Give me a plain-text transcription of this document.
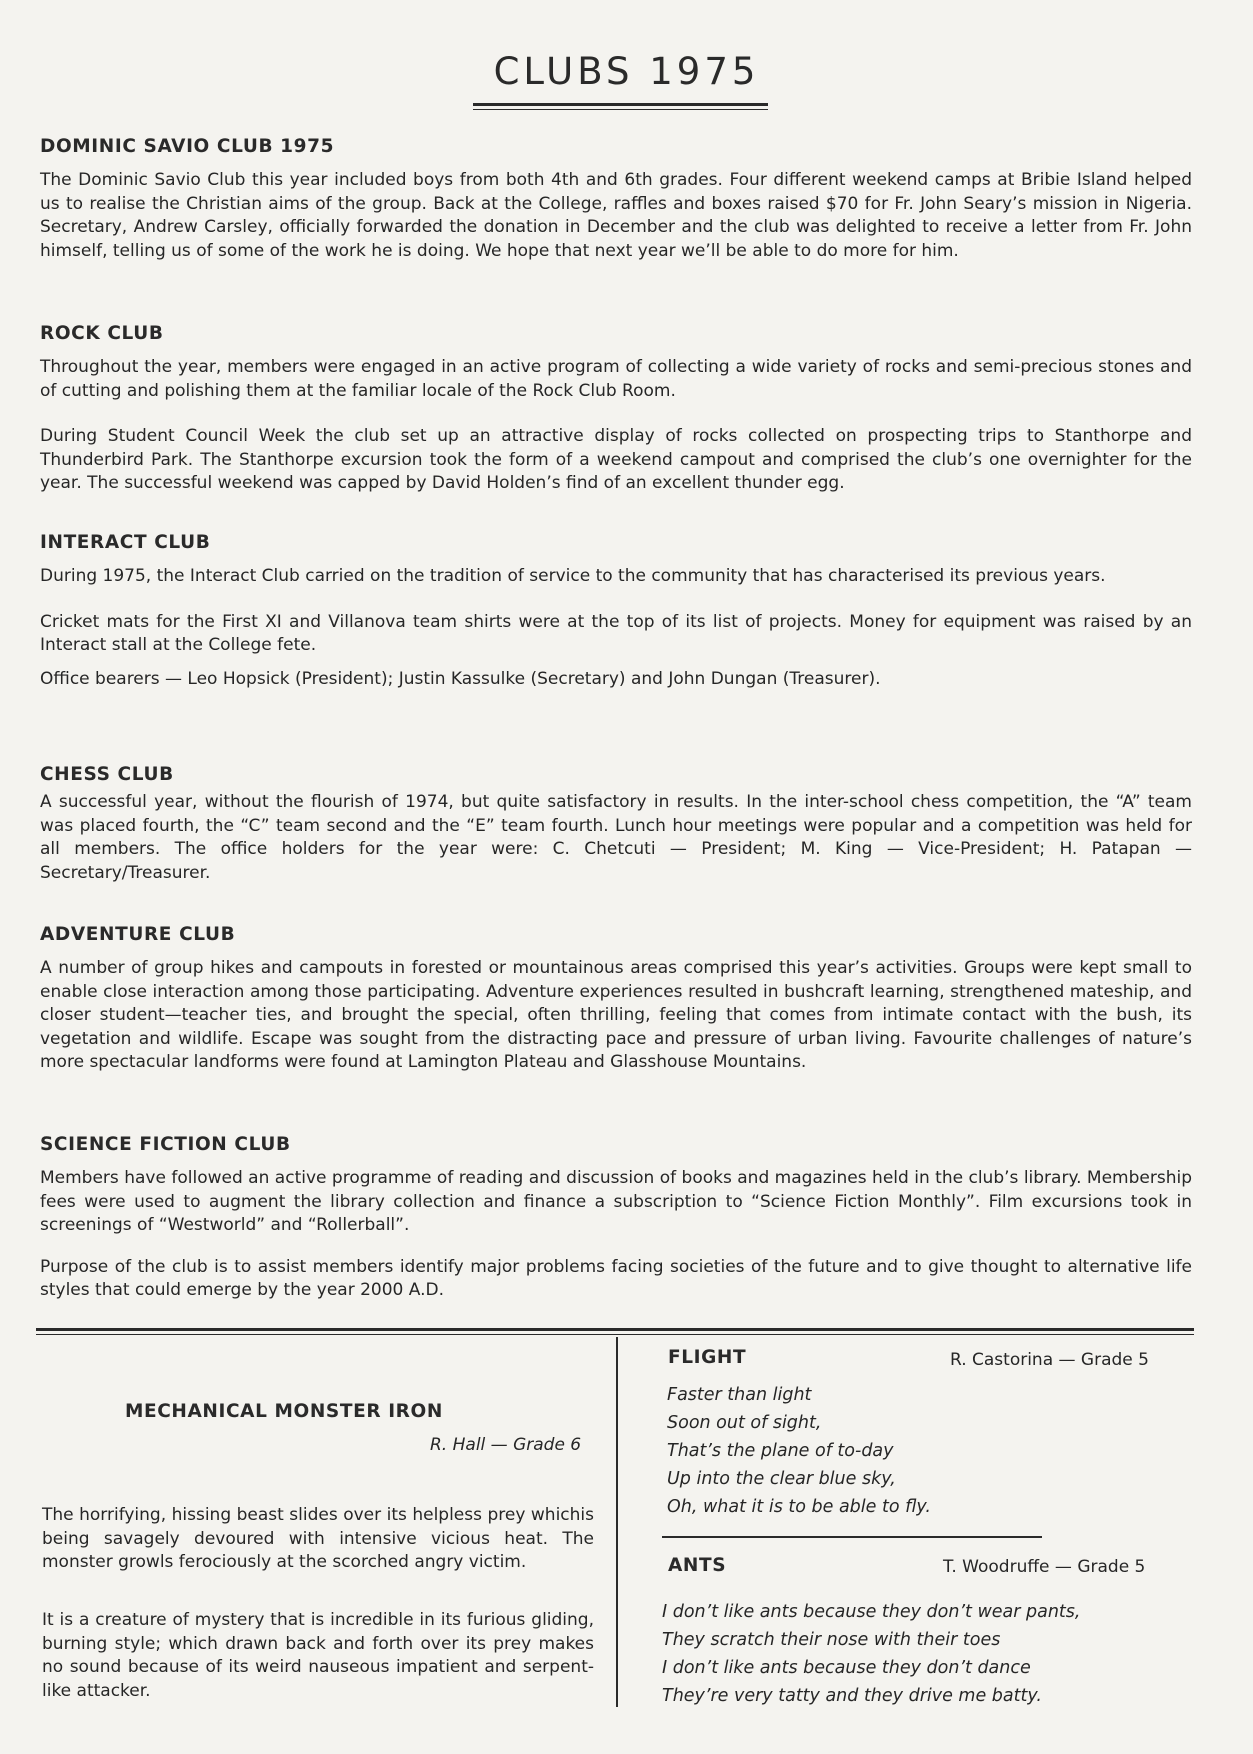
CLUBS 1975
DOMINIC SAVIO CLUB 1975

The Dominic Savio Club this year included boys from both 4th and 6th grades. Four different weekend camps at Bribie Island helped us to realise the Christian aims of the group. Back at the College, raffles and boxes raised $70 for Fr. John Seary’s mission in Nigeria. Secretary, Andrew Carsley, officially forwarded the donation in December and the club was delighted to receive a letter from Fr. John himself, telling us of some of the work he is doing. We hope that next year we’ll be able to do more for him.

ROCK CLUB

Throughout the year, members were engaged in an active program of collecting a wide variety of rocks and semi-precious stones and of cutting and polishing them at the familiar locale of the Rock Club Room.

During Student Council Week the club set up an attractive display of rocks collected on prospecting trips to Stanthorpe and Thunderbird Park. The Stanthorpe excursion took the form of a weekend campout and comprised the club’s one overnighter for the year. The successful weekend was capped by David Holden’s find of an excellent thunder egg.

INTERACT CLUB

During 1975, the Interact Club carried on the tradition of service to the community that has characterised its previous years.

Cricket mats for the First XI and Villanova team shirts were at the top of its list of projects. Money for equipment was raised by an Interact stall at the College fete.

Office bearers — Leo Hopsick (President); Justin Kassulke (Secretary) and John Dungan (Treasurer).

CHESS CLUB

A successful year, without the flourish of 1974, but quite satisfactory in results. In the inter-school chess competition, the “A” team was placed fourth, the “C” team second and the “E” team fourth. Lunch hour meetings were popular and a competition was held for all members. The office holders for the year were: C. Chetcuti — President; M. King — Vice-President; H. Patapan — Secretary/Treasurer.

ADVENTURE CLUB

A number of group hikes and campouts in forested or mountainous areas comprised this year’s activities. Groups were kept small to enable close interaction among those participating. Adventure experiences resulted in bushcraft learning, strengthened mateship, and closer student—teacher ties, and brought the special, often thrilling, feeling that comes from intimate contact with the bush, its vegetation and wildlife. Escape was sought from the distracting pace and pressure of urban living. Favourite challenges of nature’s more spectacular landforms were found at Lamington Plateau and Glasshouse Mountains.

SCIENCE FICTION CLUB

Members have followed an active programme of reading and discussion of books and magazines held in the club’s library. Membership fees were used to augment the library collection and finance a subscription to “Science Fiction Monthly”. Film excursions took in screenings of “Westworld” and “Rollerball”.

Purpose of the club is to assist members identify major problems facing societies of the future and to give thought to alternative life styles that could emerge by the year 2000 A.D.

MECHANICAL MONSTER IRON
R. Hall — Grade 6

The horrifying, hissing beast slides over its helpless prey whichis being savagely devoured with intensive vicious heat. The monster growls ferociously at the scorched angry victim.

It is a creature of mystery that is incredible in its furious gliding, burning style; which drawn back and forth over its prey makes no sound because of its weird nauseous impatient and serpent-like attacker.

FLIGHT	R. Castorina — Grade 5
Faster than light
Soon out of sight,
That’s the plane of to-day
Up into the clear blue sky,
Oh, what it is to be able to fly.
ANTS	T. Woodruffe — Grade 5
I don’t like ants because they don’t wear pants,
They scratch their nose with their toes
I don’t like ants because they don’t dance
They’re very tatty and they drive me batty.
